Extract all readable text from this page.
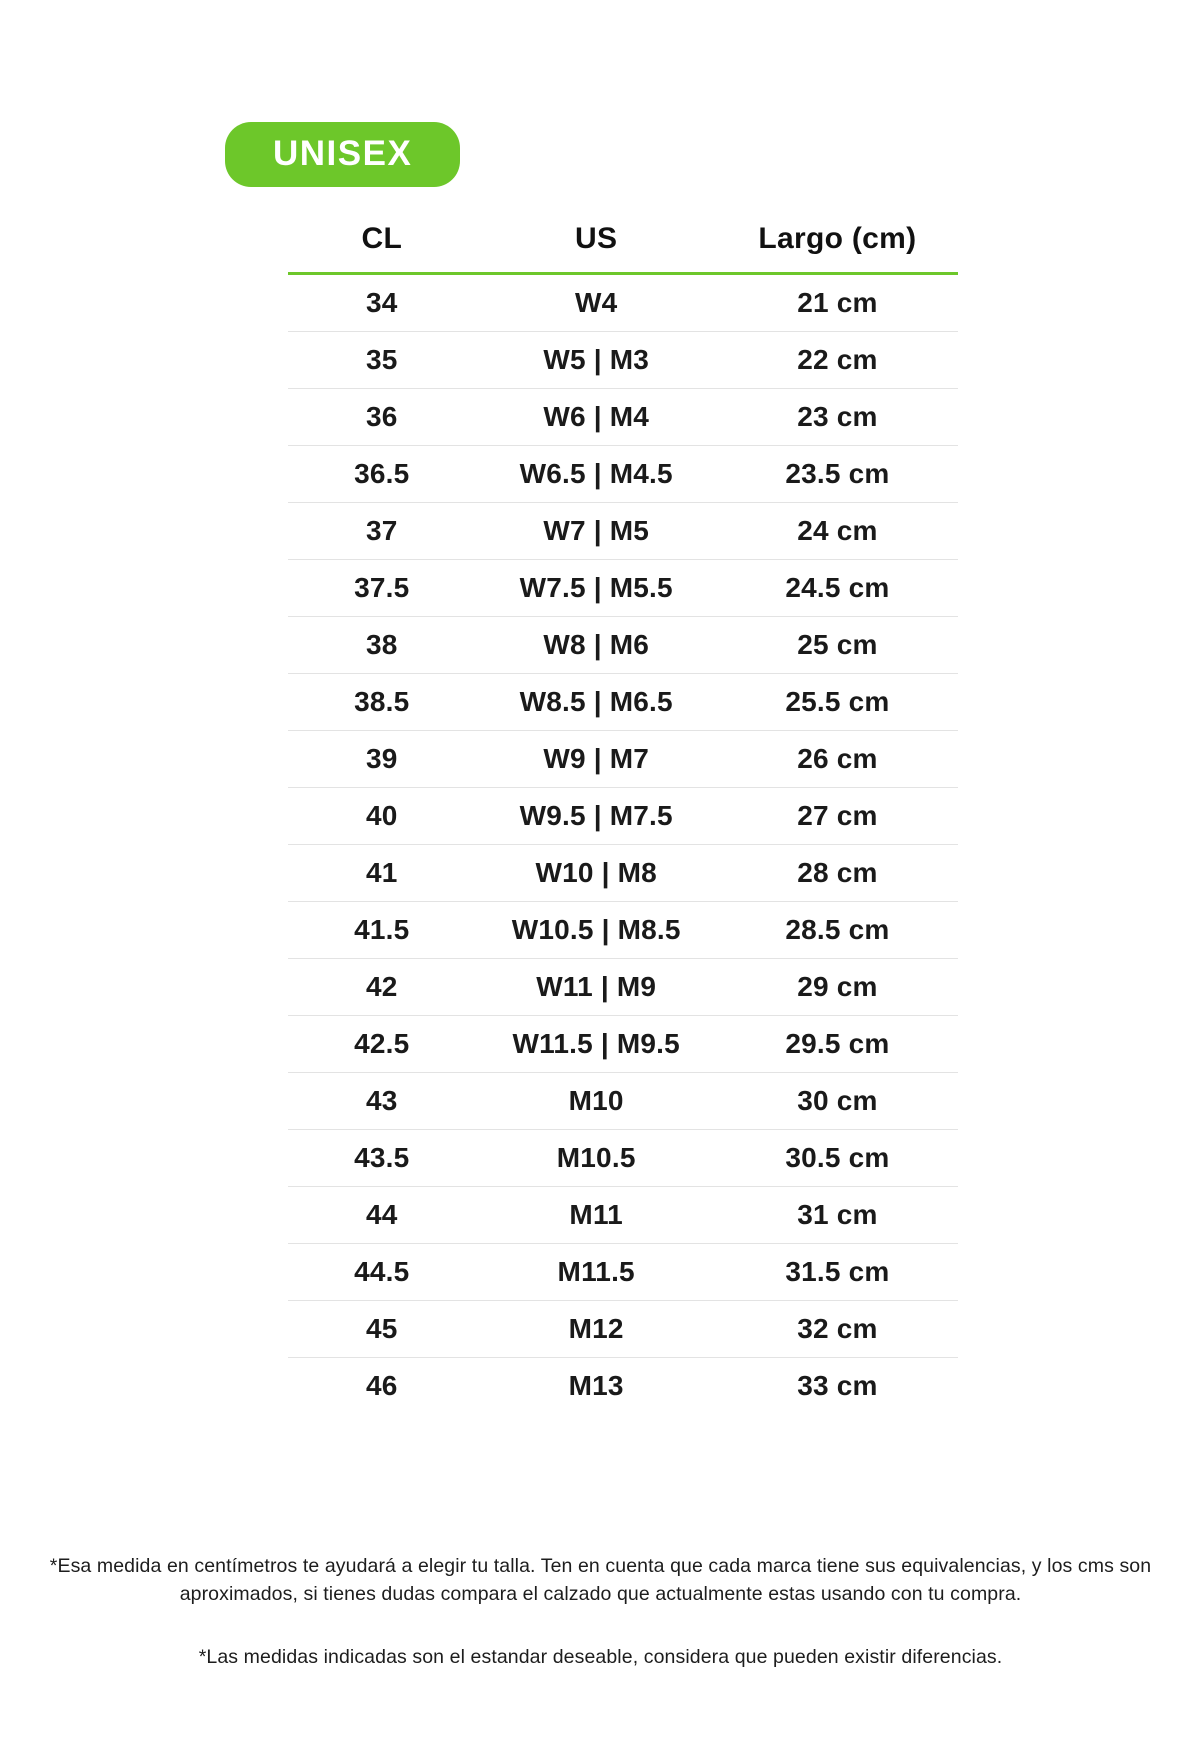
UNISEX
CL	US	Largo (cm)
34	W4	21 cm
35	W5 | M3	22 cm
36	W6 | M4	23 cm
36.5	W6.5 | M4.5	23.5 cm
37	W7 | M5	24 cm
37.5	W7.5 | M5.5	24.5 cm
38	W8 | M6	25 cm
38.5	W8.5 | M6.5	25.5 cm
39	W9 | M7	26 cm
40	W9.5 | M7.5	27 cm
41	W10 | M8	28 cm
41.5	W10.5 | M8.5	28.5 cm
42	W11 | M9	29 cm
42.5	W11.5 | M9.5	29.5 cm
43	M10	30 cm
43.5	M10.5	30.5 cm
44	M11	31 cm
44.5	M11.5	31.5 cm
45	M12	32 cm
46	M13	33 cm

*Esa medida en centímetros te ayudará a elegir tu talla. Ten en cuenta que cada marca tiene sus equivalencias, y los cms son aproximados, si tienes dudas compara el calzado que actualmente estas usando con tu compra.

*Las medidas indicadas son el estandar deseable, considera que pueden existir diferencias.
